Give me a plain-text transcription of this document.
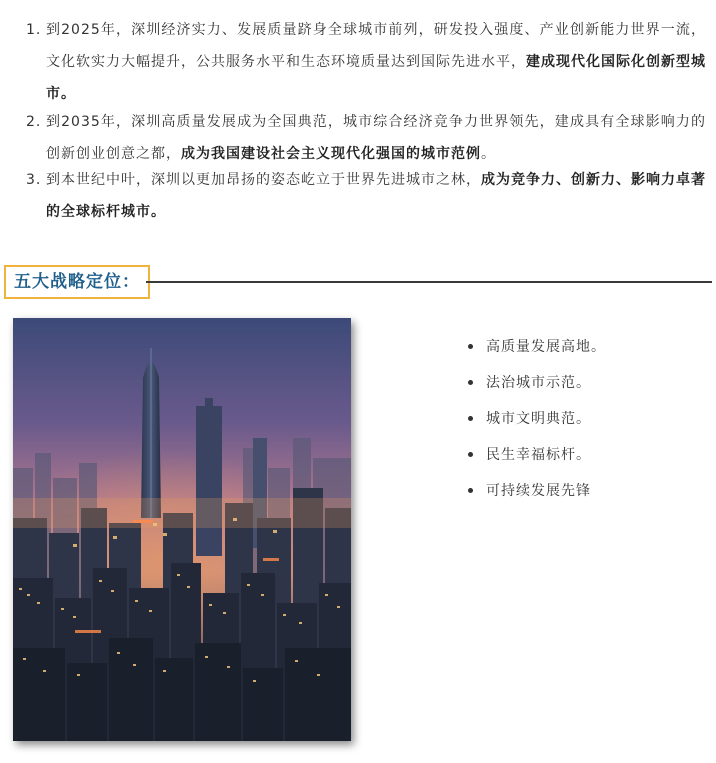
1. 到2025年，深圳经济实力、发展质量跻身全球城市前列，研发投入强度、产业创新能力世界一流，文化软实力大幅提升，公共服务水平和生态环境质量达到国际先进水平，建成现代化国际化创新型城市。
2. 到2035年，深圳高质量发展成为全国典范，城市综合经济竞争力世界领先，建成具有全球影响力的创新创业创意之都，成为我国建设社会主义现代化强国的城市范例。
3. 到本世纪中叶，深圳以更加昂扬的姿态屹立于世界先进城市之林，成为竞争力、创新力、影响力卓著的全球标杆城市。
五大战略定位：
高质量发展高地。
法治城市示范。
城市文明典范。
民生幸福标杆。
可持续发展先锋
